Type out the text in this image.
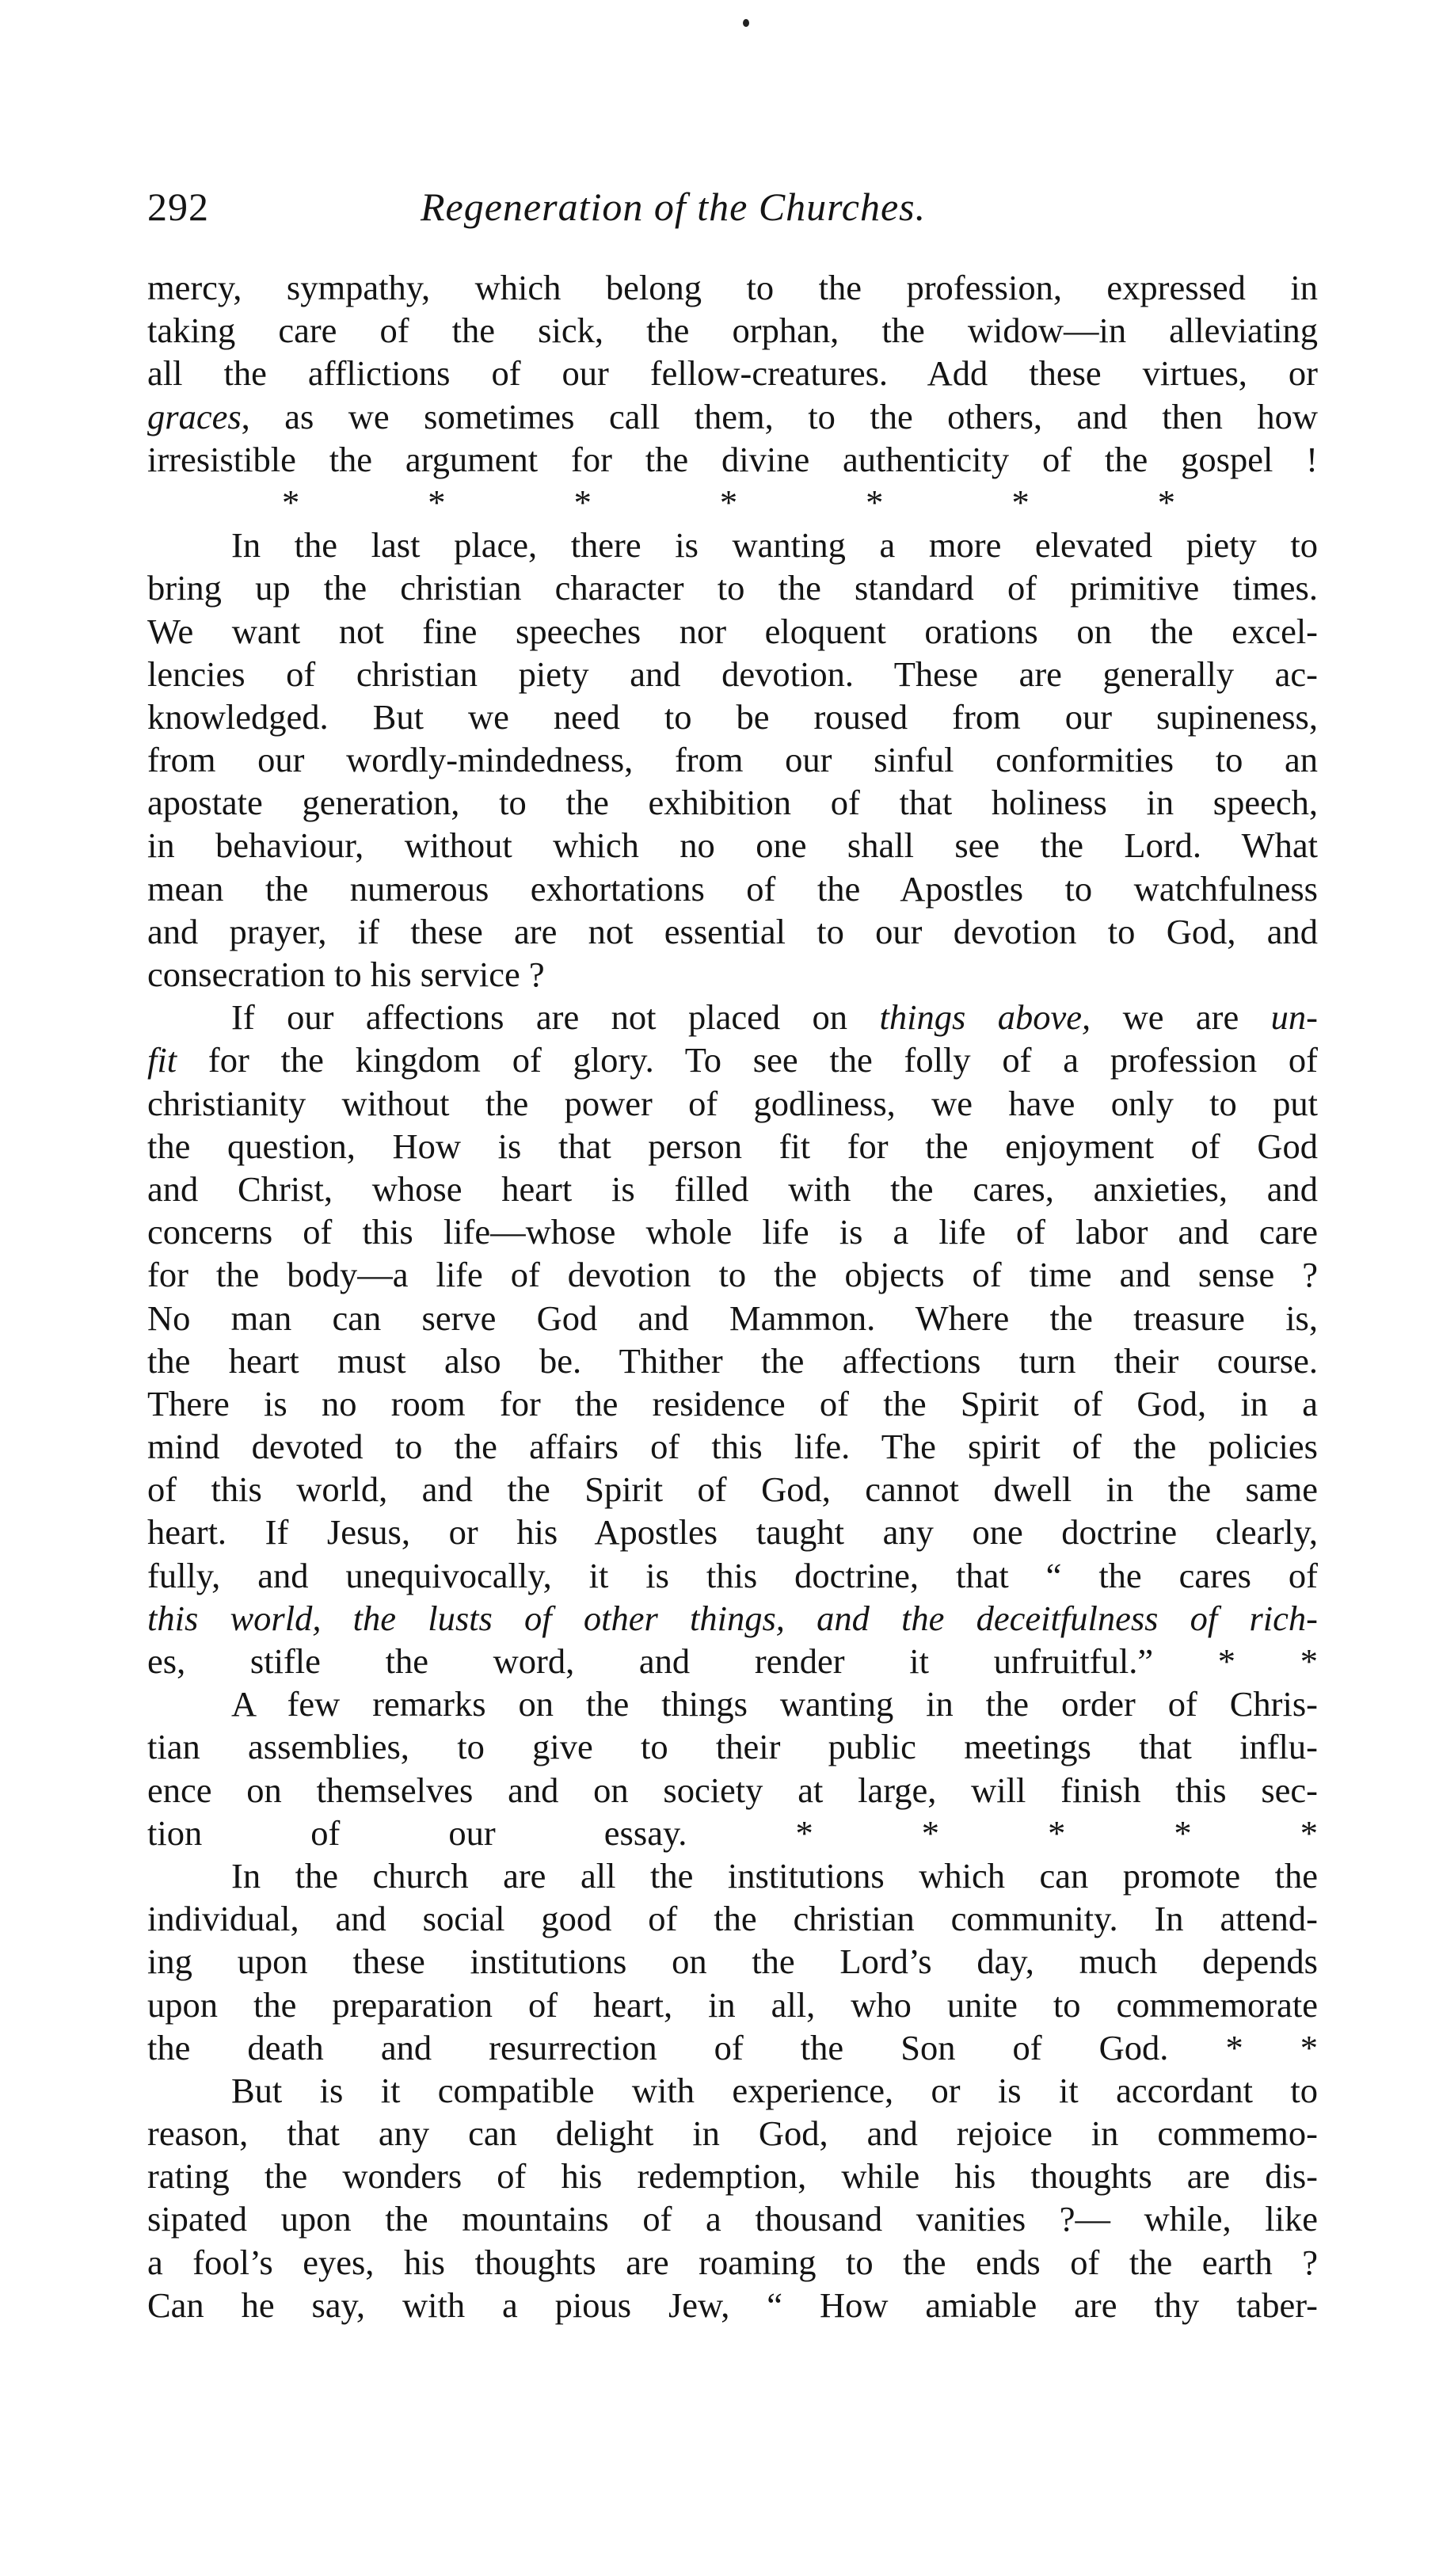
292	Regeneration of the Churches.
mercy, sympathy, which belong to the profession, expressed in
taking care of the sick, the orphan, the widow—in alleviating
all the afflictions of our fellow-creatures. Add these virtues, or
graces, as we sometimes call them, to the others, and then how
irresistible the argument for the divine authenticity of the gospel !
* * * * * * *
In the last place, there is wanting a more elevated piety to
bring up the christian character to the standard of primitive times.
We want not fine speeches nor eloquent orations on the excel-
lencies of christian piety and devotion. These are generally ac-
knowledged. But we need to be roused from our supineness,
from our wordly-mindedness, from our sinful conformities to an
apostate generation, to the exhibition of that holiness in speech,
in behaviour, without which no one shall see the Lord. What
mean the numerous exhortations of the Apostles to watchfulness
and prayer, if these are not essential to our devotion to God, and
consecration to his service ?
If our affections are not placed on things above, we are un-
fit for the kingdom of glory. To see the folly of a profession of
christianity without the power of godliness, we have only to put
the question, How is that person fit for the enjoyment of God
and Christ, whose heart is filled with the cares, anxieties, and
concerns of this life—whose whole life is a life of labor and care
for the body—a life of devotion to the objects of time and sense ?
No man can serve God and Mammon. Where the treasure is,
the heart must also be. Thither the affections turn their course.
There is no room for the residence of the Spirit of God, in a
mind devoted to the affairs of this life. The spirit of the policies
of this world, and the Spirit of God, cannot dwell in the same
heart. If Jesus, or his Apostles taught any one doctrine clearly,
fully, and unequivocally, it is this doctrine, that “ the cares of
this world, the lusts of other things, and the deceitfulness of rich-
es, stifle the word, and render it unfruitful.” * *
A few remarks on the things wanting in the order of Chris-
tian assemblies, to give to their public meetings that influ-
ence on themselves and on society at large, will finish this sec-
tion of our essay. * * * * *
In the church are all the institutions which can promote the
individual, and social good of the christian community. In attend-
ing upon these institutions on the Lord’s day, much depends
upon the preparation of heart, in all, who unite to commemorate
the death and resurrection of the Son of God. * *
But is it compatible with experience, or is it accordant to
reason, that any can delight in God, and rejoice in commemo-
rating the wonders of his redemption, while his thoughts are dis-
sipated upon the mountains of a thousand vanities ?— while, like
a fool’s eyes, his thoughts are roaming to the ends of the earth ?
Can he say, with a pious Jew, “ How amiable are thy taber-
